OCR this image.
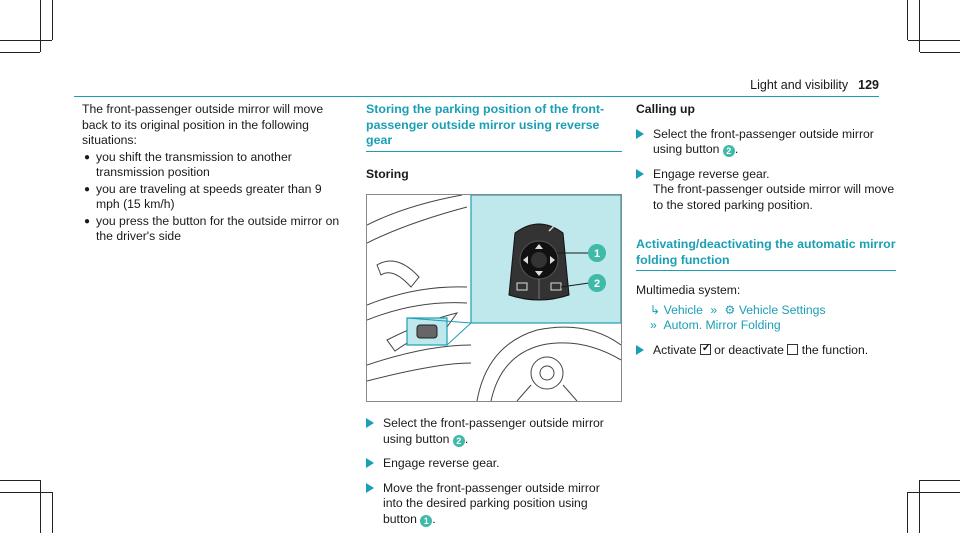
Light and visibility 129

The front-passenger outside mirror will move back to its original position in the following situations:

● you shift the transmission to another transmission position
● you are traveling at speeds greater than 9 mph (15 km/h)
● you press the button for the outside mirror on the driver's side
Storing the parking position of the front-passenger outside mirror using reverse gear
Storing
1
2
Select the front-passenger outside mirror using button 2 .
Engage reverse gear.
Move the front-passenger outside mirror into the desired parking position using button 1 .

Calling up

Select the front-passenger outside mirror using button 2 .
Engage reverse gear.
The front-passenger outside mirror will move to the stored parking position.
Activating/deactivating the automatic mirror folding function

Multimedia system:

↳ Vehicle » ⚙ Vehicle Settings
» Autom. Mirror Folding
Activate ✓ or deactivate the function.
